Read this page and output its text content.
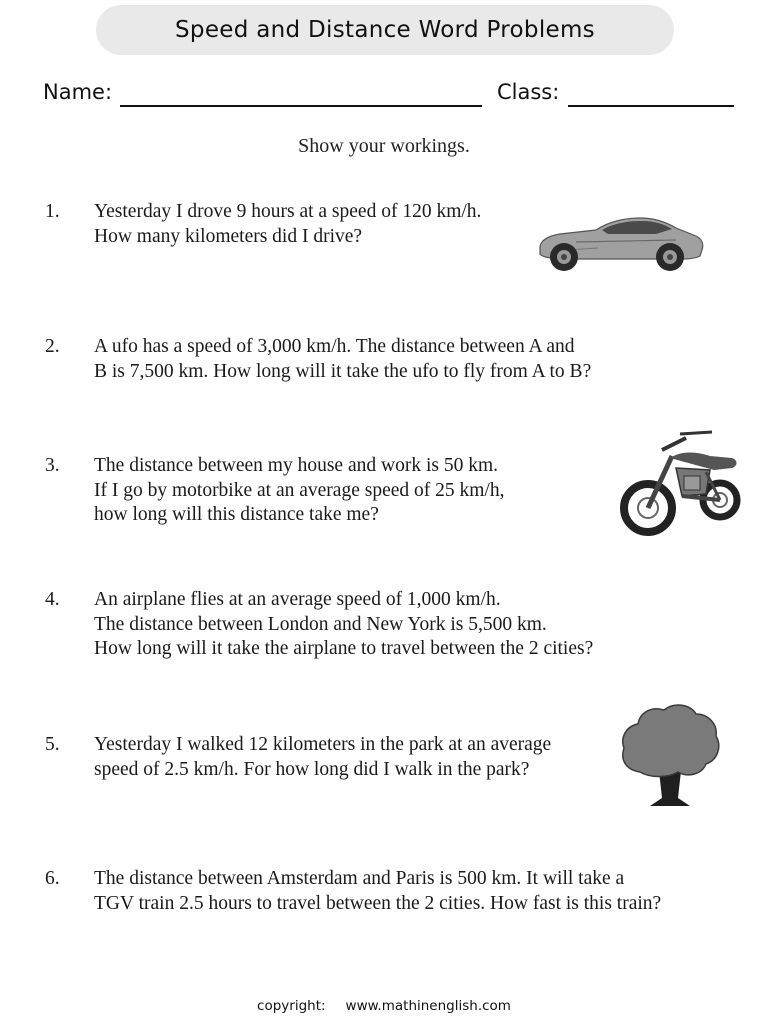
Speed and Distance Word Problems
Name:	Class:
Show your workings.
1.	Yesterday I drove 9 hours at a speed of 120 km/h.
How many kilometers did I drive?
2.	A ufo has a speed of 3,000 km/h. The distance between A and
B is 7,500 km. How long will it take the ufo to fly from A to B?
3.	The distance between my house and work is 50 km.
If I go by motorbike at an average speed of 25 km/h,
how long will this distance take me?
4.	An airplane flies at an average speed of 1,000 km/h.
The distance between London and New York is 5,500 km.
How long will it take the airplane to travel between the 2 cities?
5.	Yesterday I walked 12 kilometers in the park at an average
speed of 2.5 km/h. For how long did I walk in the park?
6.	The distance between Amsterdam and Paris is 500 km. It will take a
TGV train 2.5 hours to travel between the 2 cities. How fast is this train?
copyright: www.mathinenglish.com
